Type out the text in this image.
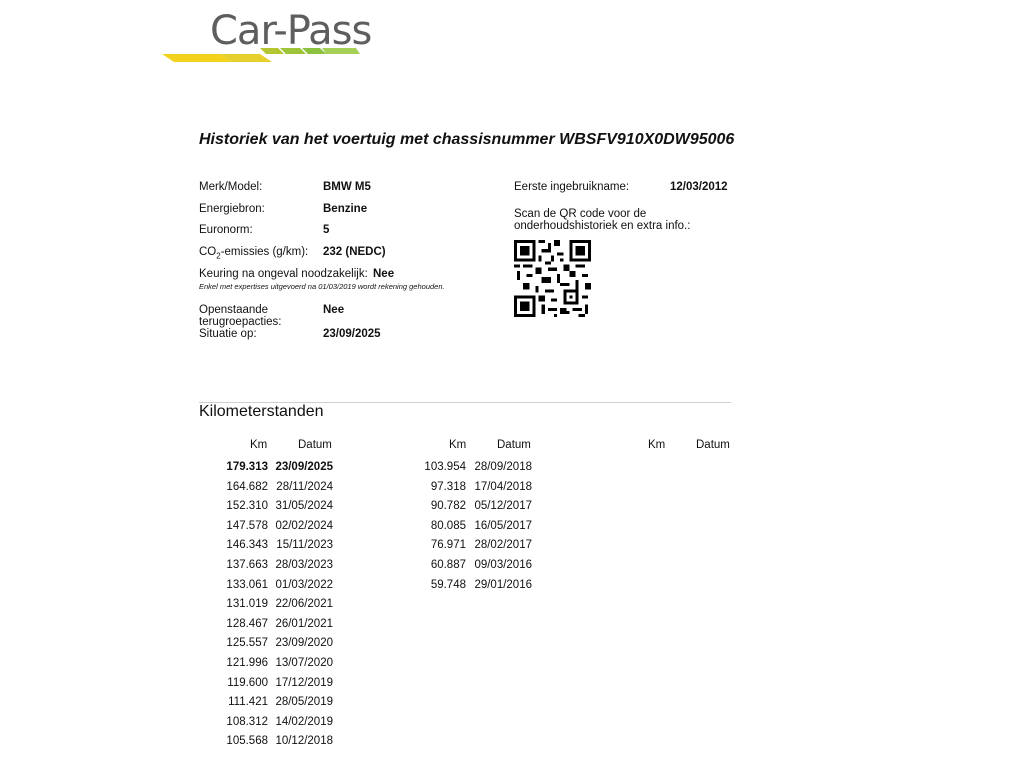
Car-Pass
Historiek van het voertuig met chassisnummer WBSFV910X0DW95006
Merk/Model:	BMW M5
Energiebron:	Benzine
Euronorm:	5
$CO_2$-emissies (g/km): 232 (NEDC)
Keuring na ongeval noodzakelijk: Nee
Enkel met expertises uitgevoerd na 01/03/2019 wordt rekening gehouden.
Openstaande
terugroepacties:
Nee
Situatie op:	23/09/2025
Eerste ingebruikname:	12/03/2012
Scan de QR code voor de onderhoudshistoriek en extra info.:
Kilometerstanden
Km	Datum	Km	Datum	Km	Datum
179.313 23/09/2025
164.682 28/11/2024
152.310 31/05/2024
147.578 02/02/2024
146.343 15/11/2023
137.663 28/03/2023
133.061 01/03/2022
131.019 22/06/2021
128.467 26/01/2021
125.557 23/09/2020
121.996 13/07/2020
119.600 17/12/2019
111.421 28/05/2019
108.312 14/02/2019
105.568 10/12/2018
103.954 28/09/2018
97.318 17/04/2018
90.782 05/12/2017
80.085 16/05/2017
76.971 28/02/2017
60.887 09/03/2016
59.748 29/01/2016
